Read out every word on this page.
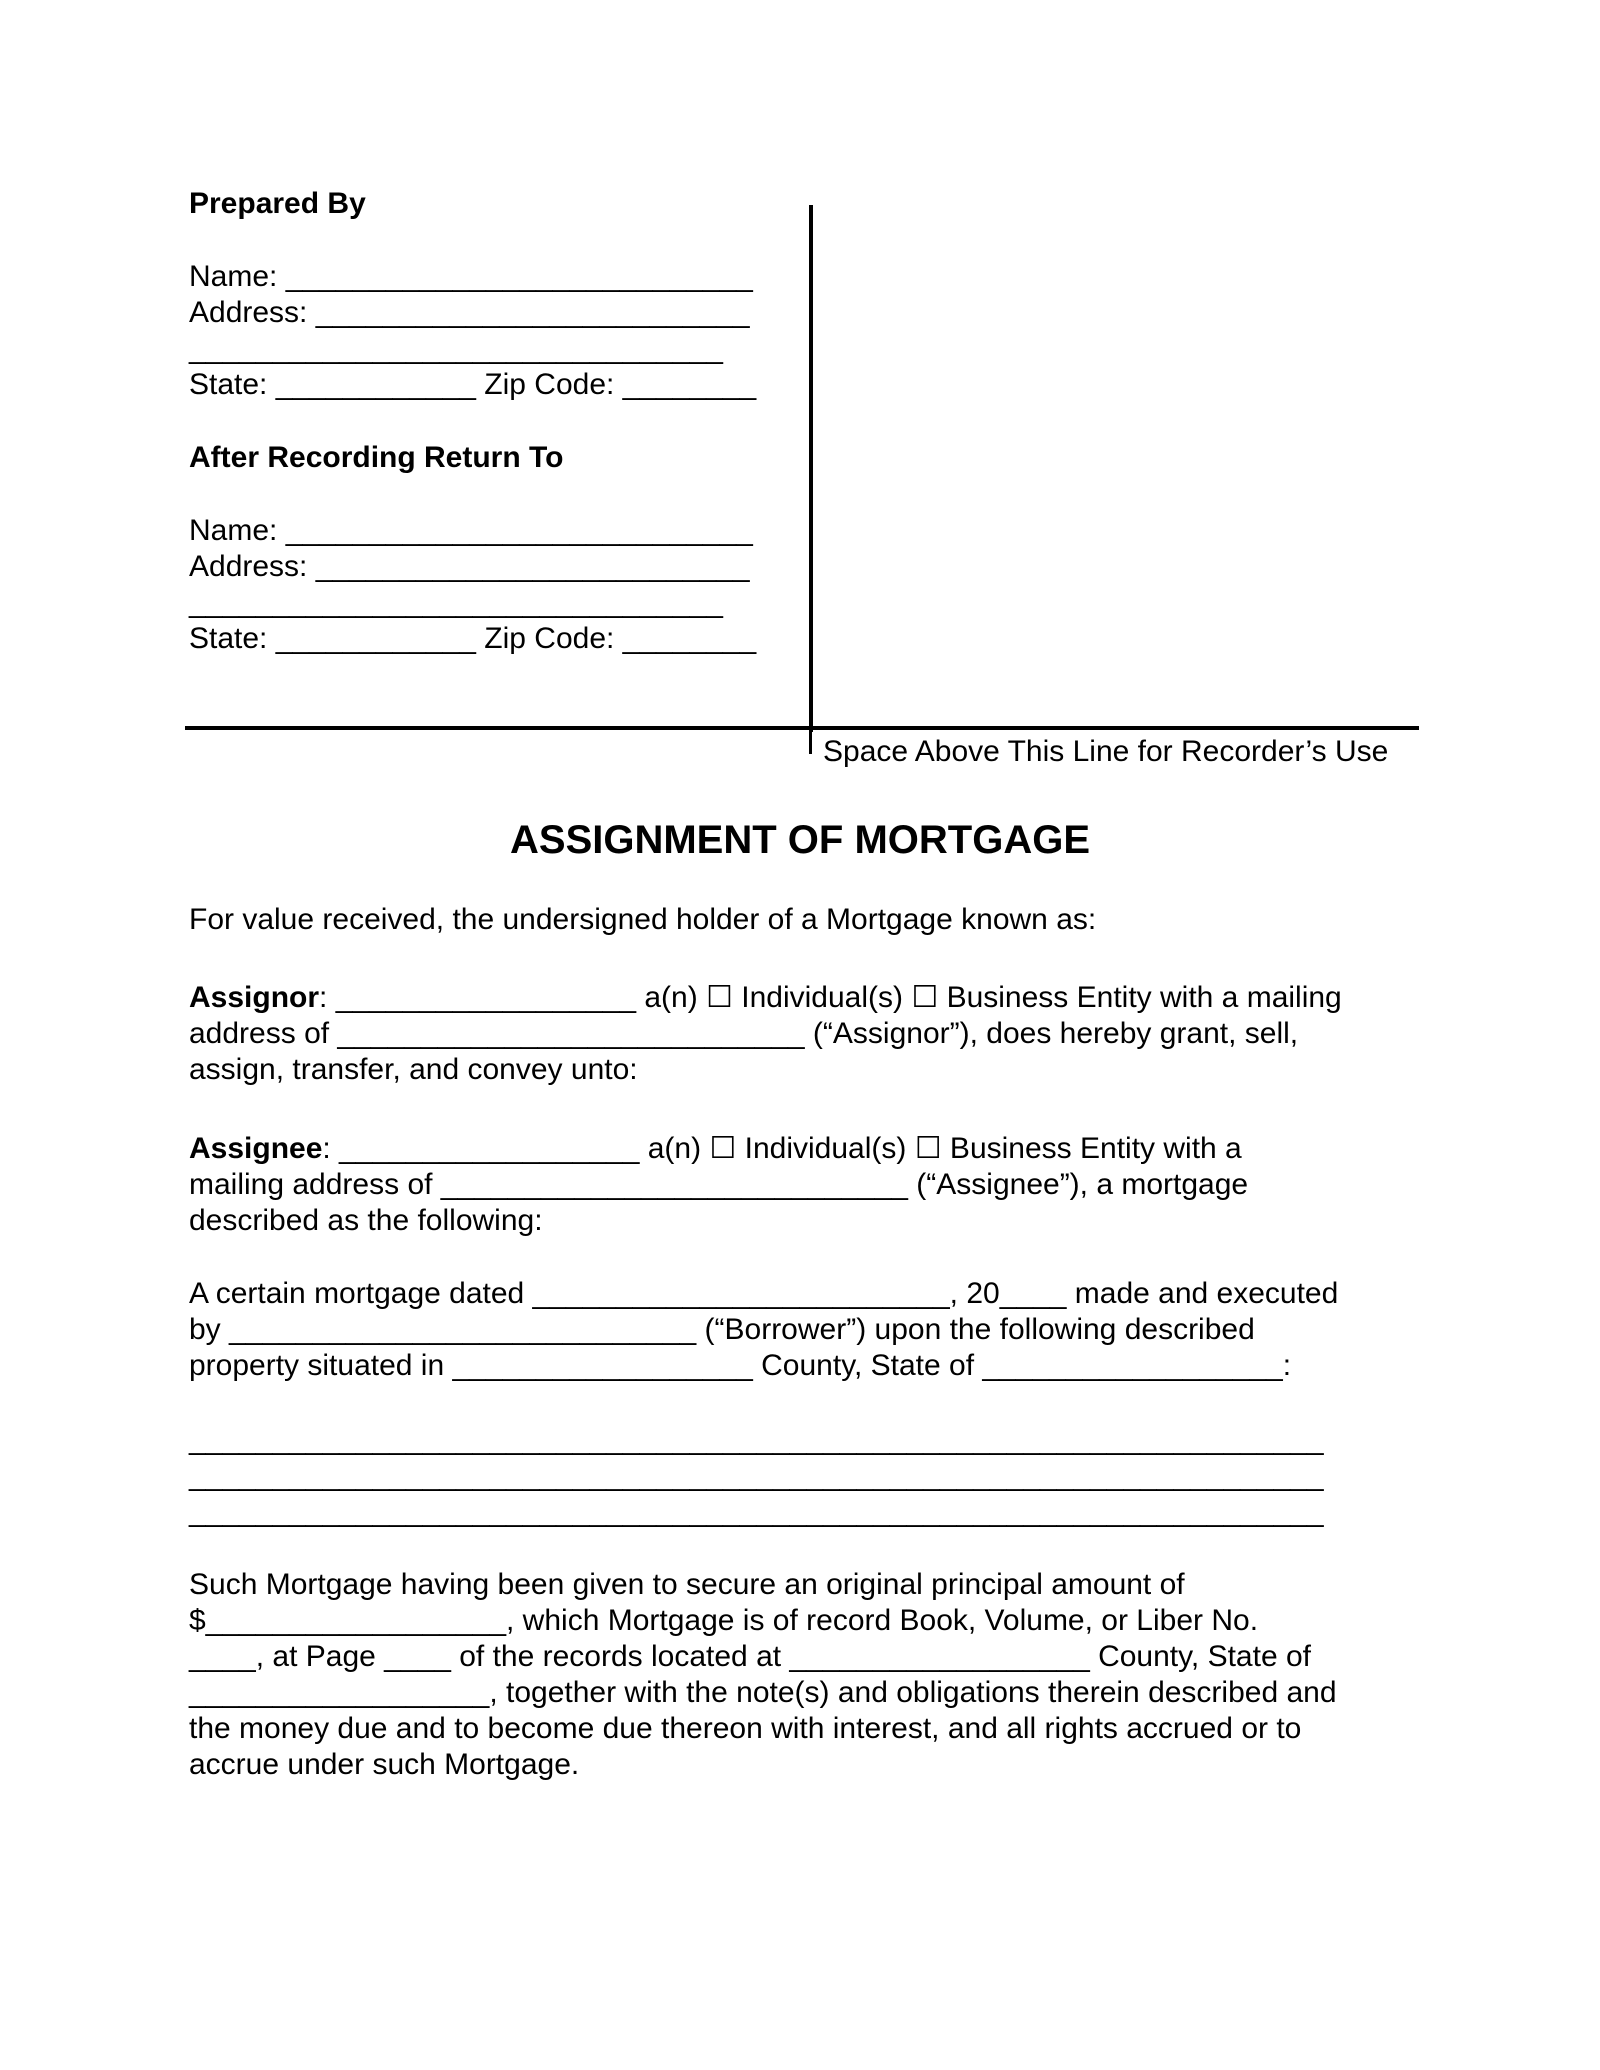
Prepared By
Name: ____________________________
Address: __________________________
________________________________
State: ____________ Zip Code: ________
After Recording Return To
Name: ____________________________
Address: __________________________
________________________________
State: ____________ Zip Code: ________
Space Above This Line for Recorder’s Use
ASSIGNMENT OF MORTGAGE
For value received, the undersigned holder of a Mortgage known as:
Assignor: __________________ a(n) ☐ Individual(s) ☐ Business Entity with a mailing
address of ____________________________ (“Assignor”), does hereby grant, sell,
assign, transfer, and convey unto:
Assignee: __________________ a(n) ☐ Individual(s) ☐ Business Entity with a
mailing address of ____________________________ (“Assignee”), a mortgage
described as the following:
A certain mortgage dated _________________________, 20____ made and executed
by ____________________________ (“Borrower”) upon the following described
property situated in __________________ County, State of __________________:
____________________________________________________________________
____________________________________________________________________
____________________________________________________________________
Such Mortgage having been given to secure an original principal amount of
$__________________, which Mortgage is of record Book, Volume, or Liber No.
____, at Page ____ of the records located at __________________ County, State of
__________________, together with the note(s) and obligations therein described and
the money due and to become due thereon with interest, and all rights accrued or to
accrue under such Mortgage.
